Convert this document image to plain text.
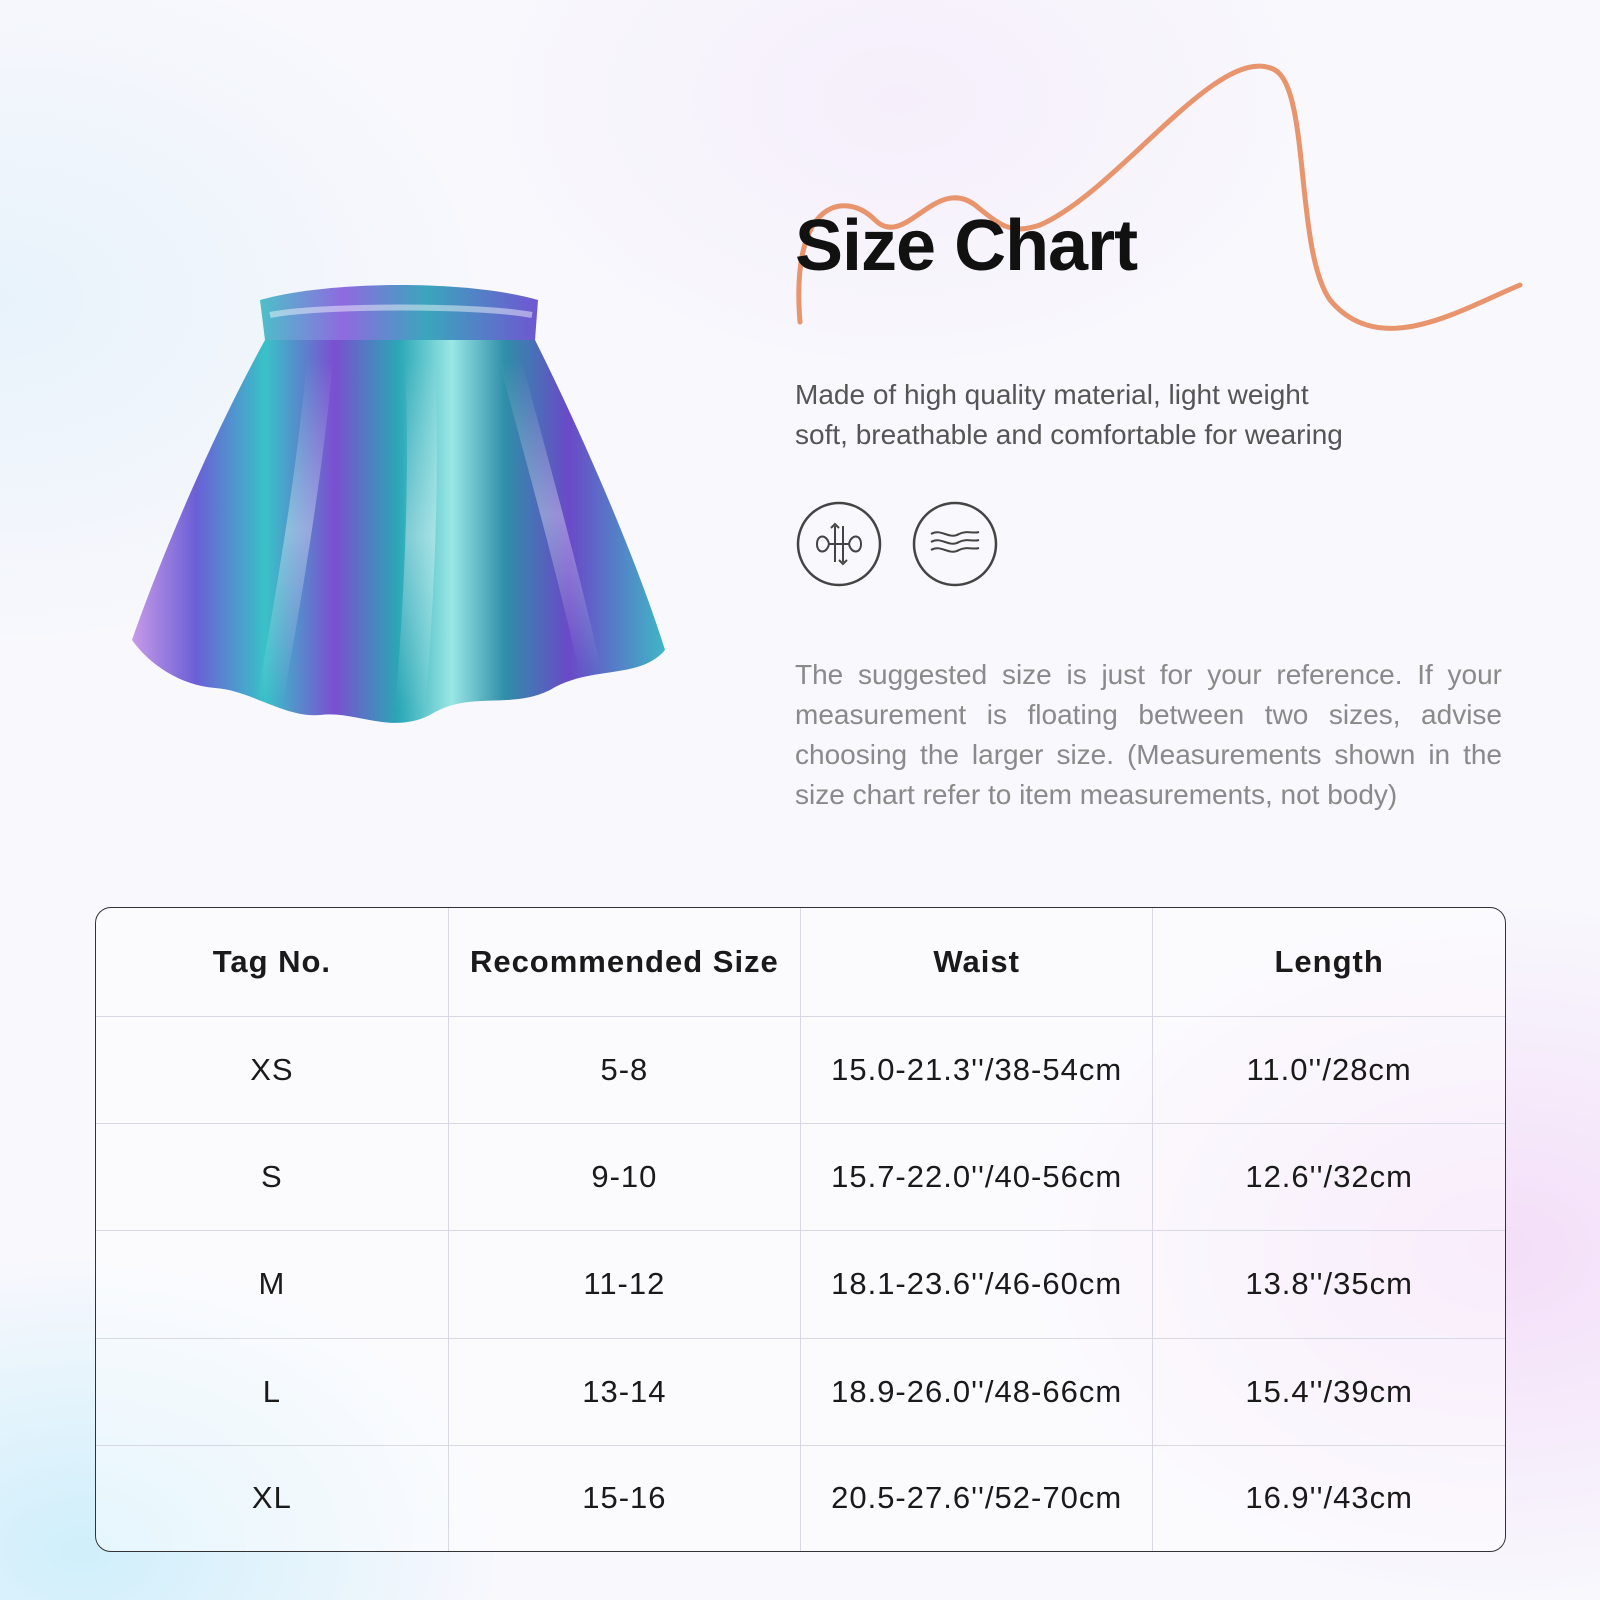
Size Chart
Made of high quality material, light weight
soft, breathable and comfortable for wearing
The suggested size is just for your reference. If your measurement is floating between two sizes, advise choosing the larger size. (Measurements shown in the size chart refer to item measurements, not body)
Tag No.	Recommended Size	Waist	Length
XS	5-8	15.0-21.3''/38-54cm	11.0''/28cm
S	9-10	15.7-22.0''/40-56cm	12.6''/32cm
M	11-12	18.1-23.6''/46-60cm	13.8''/35cm
L	13-14	18.9-26.0''/48-66cm	15.4''/39cm
XL	15-16	20.5-27.6''/52-70cm	16.9''/43cm
